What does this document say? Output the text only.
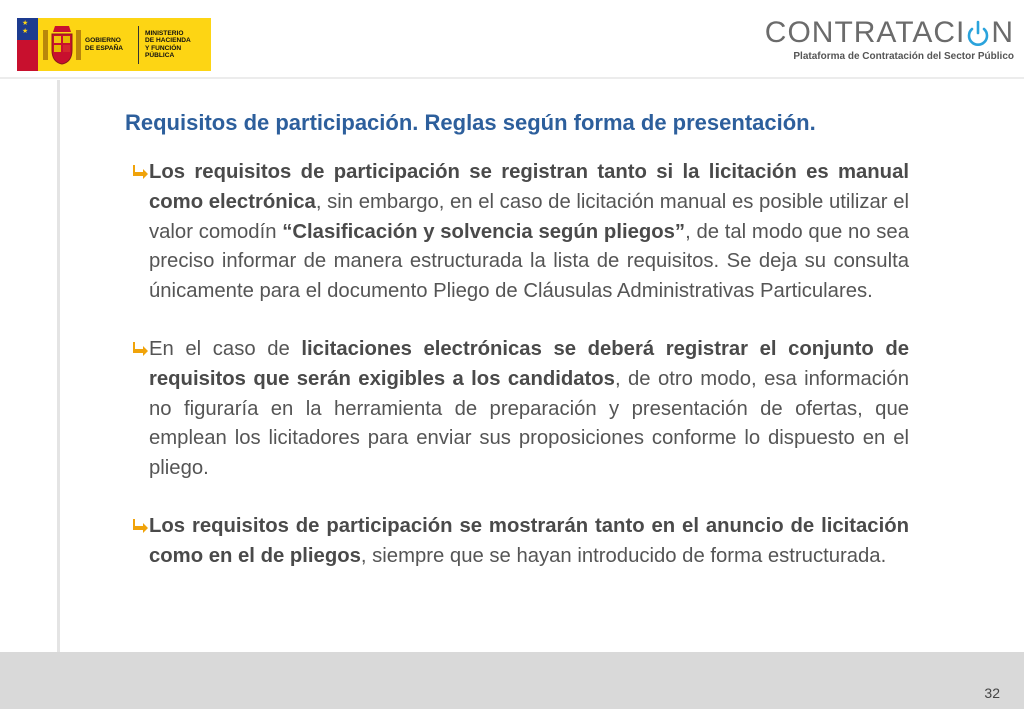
★
★
GOBIERNO
DE ESPAÑA
MINISTERIO
DE HACIENDA
Y FUNCIÓN PÚBLICA
CONTRATACI N
Plataforma de Contratación del Sector Público
Requisitos de participación. Reglas según forma de presentación.

Los requisitos de participación se registran tanto si la licitación es manual como electrónica, sin embargo, en el caso de licitación manual es posible utilizar el valor comodín “Clasificación y solvencia según pliegos”, de tal modo que no sea preciso informar de manera estructurada la lista de requisitos. Se deja su consulta únicamente para el documento Pliego de Cláusulas Administrativas Particulares.

En el caso de licitaciones electrónicas se deberá registrar el conjunto de requisitos que serán exigibles a los candidatos, de otro modo, esa información no figuraría en la herramienta de preparación y presentación de ofertas, que emplean los licitadores para enviar sus proposiciones conforme lo dispuesto en el pliego.

Los requisitos de participación se mostrarán tanto en el anuncio de licitación como en el de pliegos, siempre que se hayan introducido de forma estructurada.

32
